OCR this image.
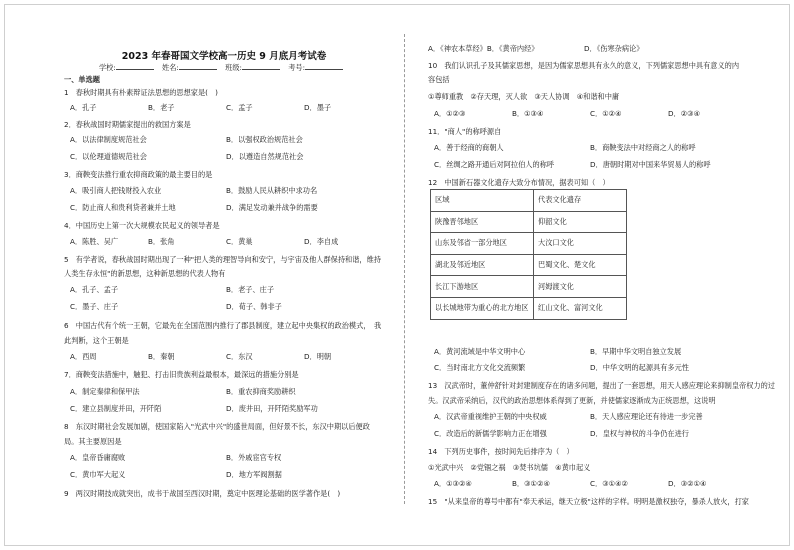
2023 年春哥国文学校高一历史 9 月底月考试卷
学校:	姓名:	班级:	考号:
一、单选题
1　春秋时期具有朴素辩证法思想的思想家是(　)
A．孔子	B．老子	C．孟子	D．墨子
2．春秋战国时期儒家提出的救国方案是
A．以法律制度规范社会	B．以强权政治规范社会
C．以伦理道德规范社会	D．以遵造自然规范社会
3．商鞅变法推行重农抑商政策的最主要目的是
A．吸引商人把钱财投入农业	B．鼓励人民从耕织中求功名
C．防止商人和贵利贷者兼并土地	D．满足发动兼并战争的需要
4．中国历史上第一次大规模农民起义的领导者是
A．陈胜、吴广	B．张角	C．黄巢	D．李自成
5　有学者说，春秋战国时期出现了一种"把人类的理智导向和安宁，与宇宙及他人群保持和谐，维持
人类生存永恒"的新思想，这种新思想的代表人物有
A．孔子、孟子	B．老子、庄子
C．墨子、庄子	D．荀子、韩非子
6　中国古代有个统一王朝，它最先在全国范围内推行了郡县制度，建立起中央集权的政治模式，　我
此判断，这个王朝是
A．西周	B．秦朝	C．东汉	D．明朝
7．商鞅变法措施中，触犯、打击旧贵族利益最根本，最深远的措施分别是
A．制定秦律和保甲法	B．重农抑商奖励耕织
C．建立县制度并田，开阡陌	D．废井田，开阡陌奖励军功
8　东汉时期社会发展加剧，使国家陷入"光武中兴"的盛世局面，但好景不长，东汉中期以后便政
局。其主要原因是
A．皇帝昏庸腐败	B．外戚宦官专权
C．黄巾军大起义	D．地方军阀割据
9　两汉时期技成就突出，成书于战国至西汉时期，奠定中医理论基础的医学著作是(　)
A．《神农本草经》B．《黄帝内经》	D．《伤寒杂病论》
10　我们认识孔子及其儒家思想，是因为儒家思想具有永久的意义，下列儒家思想中具有意义的内
容包括
①尊师重教　②存天理，灭人欲　③天人协调　④和谐和中庸
A．①②③	B．①③④	C．①②④	D．②③④
11．"商人"的称呼源自
A．善于经商的商朝人	B．商鞅变法中对经商之人的称呼
C．丝绸之路开通后对阿拉伯人的称呼	D．唐朝时期对中国来华贸易人的称呼
12　中国新石器文化遗存大致分布情况，据表可知（　）
区域	代表文化遗存
陕豫晋邻地区	仰韶文化
山东及邻省一部分地区	大汶口文化
湖北及邻近地区	巴蜀文化、楚文化
长江下游地区	河姆渡文化
以长城地带为重心的北方地区	红山文化、富河文化
A．黄河流域是中华文明中心	B．早期中华文明自独立发展
C．当时南北方文化交流频繁	D．中华文明的起源具有多元性
13　汉武帝时，董仲舒针对封建制度存在的诸多问题，提出了一套思想，用天人感应理论来抑制皇帝权力的过
失。汉武帝采纳后，汉代的政治思想体系得到了更新，并使儒家逐渐成为正统思想，这说明
A．汉武帝重视维护王朝的中央权威	B．天人感应理论还有待进一步完善
C．改造后的新儒学影响力正在增强	D．皇权与神权的斗争仍在进行
14　下列历史事件，按时间先后排序为（　）
①光武中兴　②党锢之祸　③焚书坑儒　④黄巾起义
A．①③②④	B．③①②④	C．③①④②	D．③②①④
15　"从来皇帝的尊号中都有"奉天承运，继天立极"这样的字样。明明是激权独夺，暴杀人放火，打家
